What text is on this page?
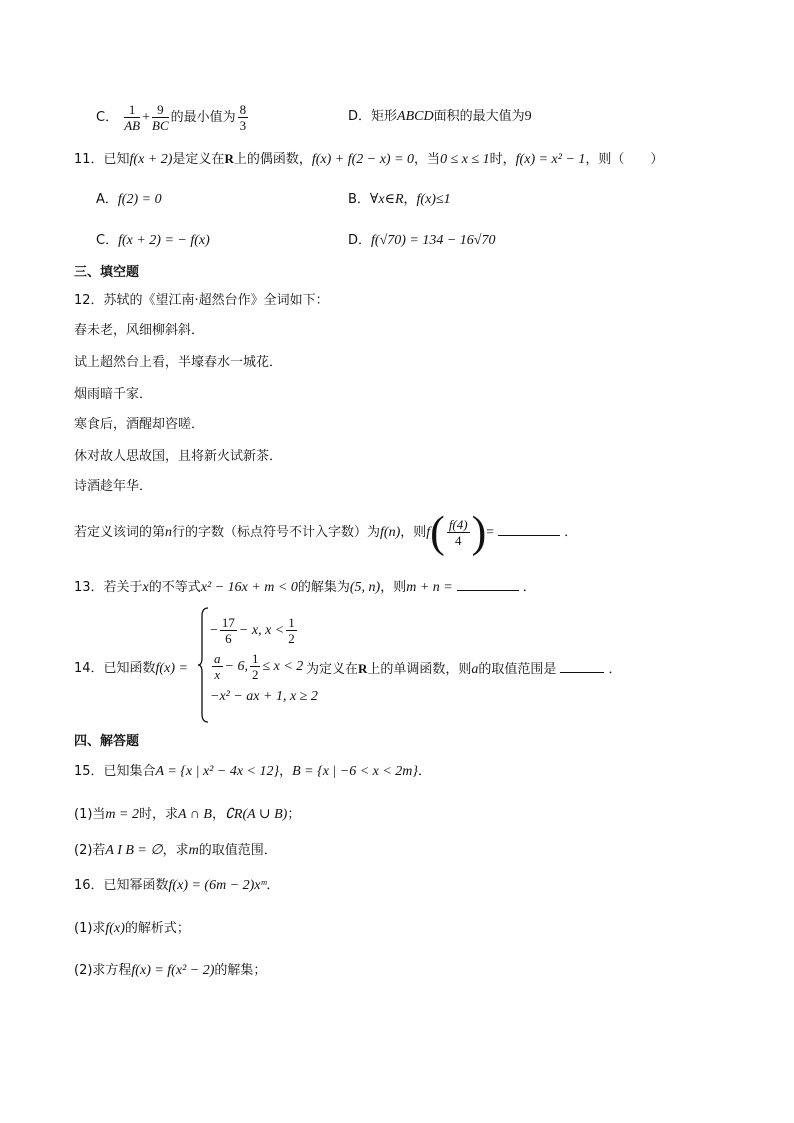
C． $\frac{1}{AB} + \frac{9}{BC}$ 的最小值为 $\frac{8}{3}$	D．矩形ABCD面积的最大值为9
11．已知f(x + 2)是定义在R上的偶函数，f(x) + f(2 − x) = 0，当0 ≤ x ≤ 1时，f(x) = x² − 1，则（　　）
A．f(2) = 0	B．∀x∈R，f(x)≤1
C．f(x + 2) = − f(x)	D．f(√70) = 134 − 16√70
三、填空题
12．苏轼的《望江南·超然台作》全词如下：
春未老，风细柳斜斜．
试上超然台上看，半壕春水一城花．
烟雨暗千家．
寒食后，酒醒却咨嗟．
休对故人思故国，且将新火试新茶．
诗酒趁年华．
若定义该词的第n行的字数（标点符号不计入字数）为f(n)，则$f( \frac{f(4)}{4}$ )=	．
13．若关于x的不等式x² − 16x + m < 0的解集为(5, n)，则m + n =	．
14．已知函数f(x) =
− $\frac{17}{6} - x$, $x < \frac{1}{2}$
$\frac{a}{x} - 6$, $\frac{1}{2} \le x < 2$
−x² − ax + 1, x ≥ 2
为定义在R上的单调函数，则a的取值范围是	．
四、解答题
15．已知集合A = {x | x² − 4x < 12}，B = {x | −6 < x < 2m}．
(1)当m = 2时，求A ∩ B，∁R(A ∪ B)；
(2)若A I B = ∅，求m的取值范围．
16．已知幂函数f(x) = (6m − 2)xᵐ．
(1)求f(x)的解析式；
(2)求方程f(x) = f(x² − 2)的解集；
